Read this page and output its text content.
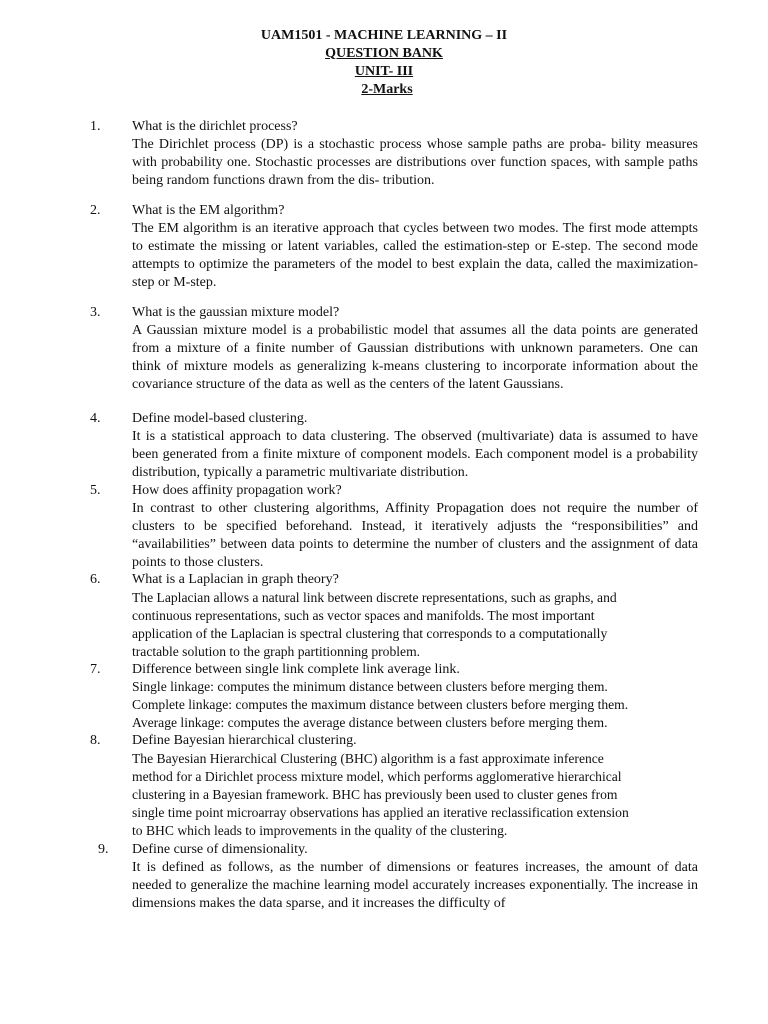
UAM1501 - MACHINE LEARNING – II
QUESTION BANK
UNIT- III
2-Marks
1.	What is the dirichlet process?
The Dirichlet process (DP) is a stochastic process whose sample paths are proba- bility measures with probability one. Stochastic processes are distributions over function spaces, with sample paths being random functions drawn from the dis- tribution.
2.	What is the EM algorithm?
The EM algorithm is an iterative approach that cycles between two modes. The first mode attempts to estimate the missing or latent variables, called the estimation-step or E-step. The second mode attempts to optimize the parameters of the model to best explain the data, called the maximization-step or M-step.
3.	What is the gaussian mixture model?
A Gaussian mixture model is a probabilistic model that assumes all the data points are generated from a mixture of a finite number of Gaussian distributions with unknown parameters. One can think of mixture models as generalizing k-means clustering to incorporate information about the covariance structure of the data as well as the centers of the latent Gaussians.
4.	Define model-based clustering.
It is a statistical approach to data clustering. The observed (multivariate) data is assumed to have been generated from a finite mixture of component models. Each component model is a probability distribution, typically a parametric multivariate distribution.
5.	How does affinity propagation work?
In contrast to other clustering algorithms, Affinity Propagation does not require the number of clusters to be specified beforehand. Instead, it iteratively adjusts the “responsibilities” and “availabilities” between data points to determine the number of clusters and the assignment of data points to those clusters.
6.	What is a Laplacian in graph theory?
The Laplacian allows a natural link between discrete representations, such as graphs, and
continuous representations, such as vector spaces and manifolds. The most important
application of the Laplacian is spectral clustering that corresponds to a computationally
tractable solution to the graph partitionning problem.
7.	Difference between single link complete link average link.
Single linkage: computes the minimum distance between clusters before merging them.
Complete linkage: computes the maximum distance between clusters before merging them.
Average linkage: computes the average distance between clusters before merging them.
8.	Define Bayesian hierarchical clustering.
The Bayesian Hierarchical Clustering (BHC) algorithm is a fast approximate inference
method for a Dirichlet process mixture model, which performs agglomerative hierarchical
clustering in a Bayesian framework. BHC has previously been used to cluster genes from
single time point microarray observations has applied an iterative reclassification extension
to BHC which leads to improvements in the quality of the clustering.
9.	Define curse of dimensionality.
It is defined as follows, as the number of dimensions or features increases, the amount of data needed to generalize the machine learning model accurately increases exponentially. The increase in dimensions makes the data sparse, and it increases the difficulty of
